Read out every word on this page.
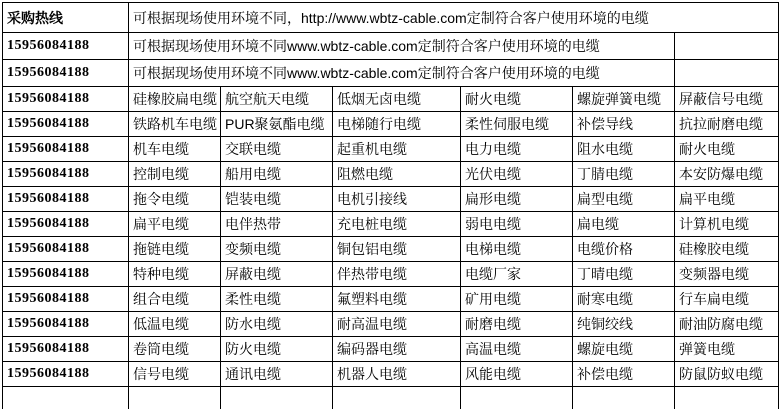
采购热线	可根据现场使用环境不同，http://www.wbtz-cable.com定制符合客户使用环境的电缆					
15956084188	可根据现场使用环境不同www.wbtz-cable.com定制符合客户使用环境的电缆					
15956084188	可根据现场使用环境不同www.wbtz-cable.com定制符合客户使用环境的电缆					
15956084188	硅橡胶扁电缆	航空航天电缆	低烟无卤电缆	耐火电缆	螺旋弹簧电缆	屏蔽信号电缆
15956084188	铁路机车电缆	PUR聚氨酯电缆	电梯随行电缆	柔性伺服电缆	补偿导线	抗拉耐磨电缆
15956084188	机车电缆	交联电缆	起重机电缆	电力电缆	阻水电缆	耐火电缆
15956084188	控制电缆	船用电缆	阻燃电缆	光伏电缆	丁腈电缆	本安防爆电缆
15956084188	拖令电缆	铠装电缆	电机引接线	扁形电缆	扁型电缆	扁平电缆
15956084188	扁平电缆	电伴热带	充电桩电缆	弱电电缆	扁电缆	计算机电缆
15956084188	拖链电缆	变频电缆	铜包铝电缆	电梯电缆	电缆价格	硅橡胶电缆
15956084188	特种电缆	屏蔽电缆	伴热带电缆	电缆厂家	丁晴电缆	变频器电缆
15956084188	组合电缆	柔性电缆	氟塑料电缆	矿用电缆	耐寒电缆	行车扁电缆
15956084188	低温电缆	防水电缆	耐高温电缆	耐磨电缆	纯铜绞线	耐油防腐电缆
15956084188	卷筒电缆	防火电缆	编码器电缆	高温电缆	螺旋电缆	弹簧电缆
15956084188	信号电缆	通讯电缆	机器人电缆	风能电缆	补偿电缆	防鼠防蚁电缆
